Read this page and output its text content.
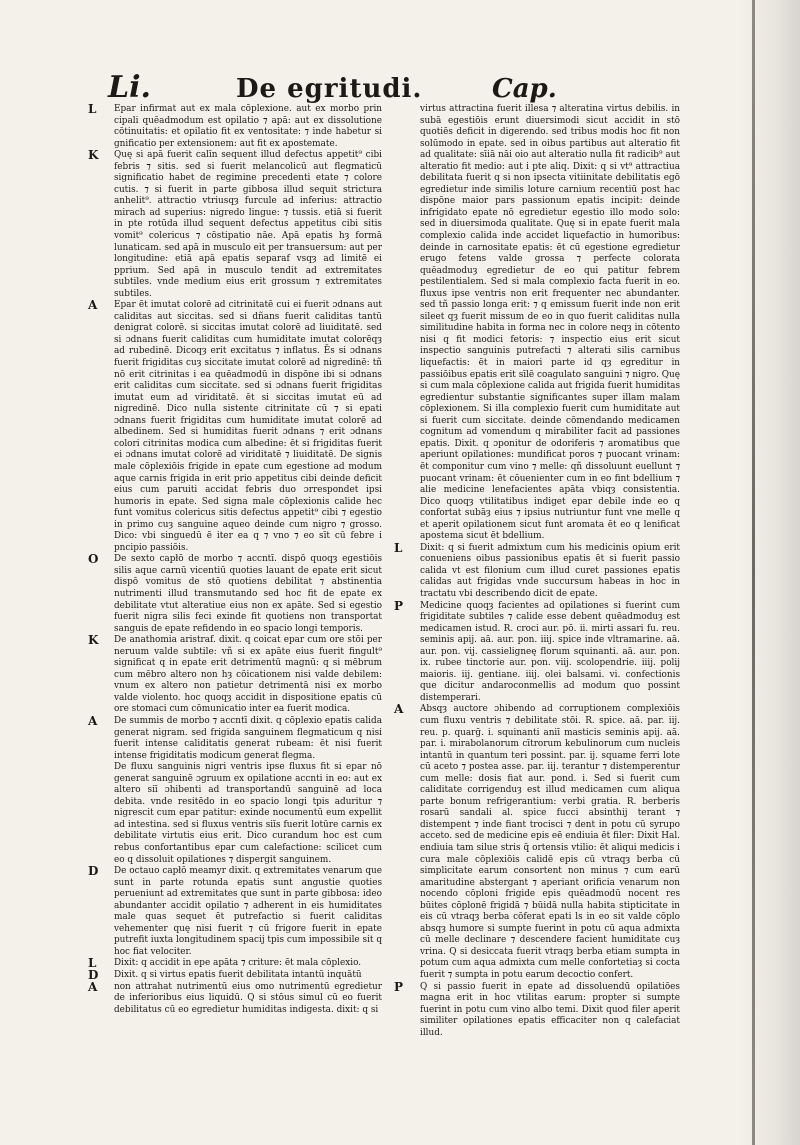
Li.	De egritudi.	Cap.
L Epar infirmat aut ex mala cōplexione. aut ex morbo prin cipali quēadmodum est opilatio ⁊ apā: aut ex dissolutione cōtinuitatis: et opilatio fit ex ventositate: ⁊ inde habetur si gnificatio per extensionem: aut fit ex apostemate.
K Quę si apā fuerit calīn sequent illud defectus appetit⁹ cibi febris ⁊ sitis. sed si fuerit melancolicū aut flegmaticū significatio habet de regimine precedenti etate ⁊ colore cutis. ⁊ si fuerit in parte gibbosa illud sequit strictura anhelit⁹. attractio vtriusqȝ furcule ad inferius: attractio mirach ad superius: nigredo lingue: ⁊ tussis. etiā si fuerit in pte rotūda illud sequent defectus appetitus cibi sitis vomit⁹ colericus ⁊ cōstipatio nāe. Apā epatis hȝ formā lunaticam. sed apā in musculo eit per transuersum: aut per longitudine: etiā apā epatis separaf vsqȝ ad limitē ei pprium. Sed apā in musculo tendit ad extremitates subtiles. vnde medium eius erit grossum ⁊ extremitates subtiles.
A Epar ēt imutat colorē ad citrinitatē cui ei fuerit ɔdnans aut caliditas aut siccitas. sed si dñans fuerit caliditas tantū denigrat colorē. si siccitas imutat colorē ad liuiditatē. sed si ɔdnans fuerit caliditas cum humiditate imutat colorēqȝ ad rubedinē. Dicoqȝ erit excitatus ⁊ inflatus. Ēs si ɔdnans fuerit frigiditas cuȝ siccitate imutat colorē ad nigredinē: tñ nō erit citrinitas i ea quēadmodū in dispōne ibi si ɔdnans erit caliditas cum siccitate. sed si ɔdnans fuerit frigiditas imutat eum ad viriditatē. ēt si siccitas imutat eū ad nigredinē. Dico nulla sistente citrinitate cū ⁊ si epati ɔdnans fuerit frigiditas cum humiditate imutat colorē ad albedinem. Sed si humiditas fuerit ɔdnans ⁊ erit ɔdnans colori citrinitas modica cum albedine: ēt si frigiditas fuerit ei ɔdnans imutat colorē ad viriditatē ⁊ liuiditatē. De signis male cōplexiōis frigide in epate cum egestione ad modum aque carnis frigida in erit prio appetitus cibi deinde deficit eius cum paruiti accidat febris duo ɔrrespondet ipsi humoris in epate. Sed signa male cōplexionis calide hec funt vomitus colericus sitis defectus appetit⁹ cibi ⁊ egestio in primo cuȝ sanguine aqueo deinde cum nigro ⁊ grosso. Dico: vbi singuedū ē iter ea q ⁊ vno ⁊ eo sīt cū febre i pncipio passiōis.
O De sexto capłō de morbo ⁊ accntī. dispō quoqȝ egestiōis silis aque carnū vicentiū quoties lauant de epate erit sicut dispō vomitus de stō quotiens debilitat ⁊ abstinentia nutrimenti illud transmutando sed hoc fit de epate ex debilitate vtut alteratiue eius non ex apāte. Sed si egestio fuerit nigra silis feci exinde fit quotiens non transportat sanguis de epate refidendo in eo spacio longi temporis.
K De anathomia aristraf. dixit. q coicat epar cum ore stōi per neruum valde subtile: vñ si ex apāte eius fuerit fingult⁹ significat q in epate erit detrimentū magnū: q si mēbrum cum mēbro altero non hȝ cōicationem nisi valde debilem: vnum ex altero non patietur detrimentā nisi ex morbo valde violento. hoc quoqȝ accidit in dispositione epatis cū ore stomaci cum cōmunicatio inter ea fuerit modica.
A De summis de morbo ⁊ accntī dixit. q cōplexio epatis calida generat nigram. sed frigida sanguinem flegmaticum q nisi fuerit intense caliditatis generat rubeam: ēt nisi fuerit intense frigiditatis modicum generat flegma.
De fluxu sanguinis nigri ventris ipse fluxus fit si epar nō generat sanguinē ɔgruum ex opilatione accnti in eo: aut ex altero siī ɔhibenti ad transportandū sanguinē ad loca debita. vnde resitēdo in eo spacio longi tpis aduritur ⁊ nigrescit cum epar patitur: exinde nocumentū eum expellit ad intestina. sed si fluxus ventris siīs fuerit lotūre carnis ex debilitate virtutis eius erit. Dico curandum hoc est cum rebus confortantibus epar cum calefactione: scilicet cum eo q dissoluit opilationes ⁊ dispergit sanguinem.
D De octauo capłō meamyr dixit. q extremitates venarum que sunt in parte rotunda epatis sunt angustie quoties perueniunt ad extremitates que sunt in parte gibbosa: ideo abundanter accidit opilatio ⁊ adherent in eis humiditates male quas sequet ēt putrefactio si fuerit caliditas vehementer quę nisi fuerit ⁊ cū frigore fuerit in epate putrefit iuxta longitudinem spacij tpis cum impossibile sit q hoc fiat velociter.
L Dixit: q accidit in epe apāta ⁊ criture: ēt mala cōplexio.
D Dixit. q si virtus epatis fuerit debilitata intantū inquātū
A non attrahat nutrimentū eius omo nutrimentū egredietur de inferioribus eius liquidū. Q si stōus simul cū eo fuerit debilitatus cū eo egredietur humiditas indigesta. dixit: q si
virtus attractina fuerit illesa ⁊ alteratina virtus debilis. in subā egestiōis erunt diuersimodi sicut accidit in stō quotiēs deficit in digerendo. sed tribus modis hoc fit non solūmodo in epate. sed in oibus partibus aut alteratio fit ad qualitate: sīiā nāi oio aut alteratio nulla fit radicib⁹ aut alteratio fit medio: aut i pte aliq. Dixit: q si vt⁹ attractiua debilitata fuerit q si non ipsecta vitiinitate debilitatis egō egredietur inde similis loture carnium recentiū post hac dispōne maior pars passionum epatis incipit: deinde infrigidato epate nō egredietur egestio illo modo solo: sed in diuersimoda qualitate. Quę si in epate fuerit mala complexio calida inde accidet liquefactio in humoribus: deinde in carnositate epatis: ēt cū egestione egredietur erugo fetens valde grossa ⁊ perfecte colorata quēadmoduȝ egredietur de eo qui patitur febrem pestilentialem. Sed si mala complexio facta fuerit in eo. fluxus ipse ventris non erit frequenter nec abundanter. sed tñ passio longa erit: ⁊ q emissum fuerit inde non erit sileet qȝ fuerit missum de eo in quo fuerit caliditas nulla similitudine habita in forma nec in colore neqȝ in cōtento nisi q fit modici fetoris: ⁊ inspectio eius erit sicut inspectio sanguinis putrefacti ⁊ alterati silis carnibus liquefactis: ēt in maiori parte id qȝ egreditur in passiōibus epatis erit sīlē coagulato sanguini ⁊ nigro. Quę si cum mala cōplexione calida aut frigida fuerit humiditas egredientur substantie significantes super illam malam cōplexionem. Si illa complexio fuerit cum humiditate aut si fuerit cum siccitate. deinde cōmendando medicamen cognitum ad vomendum q mirabiliter facit ad passiones epatis. Dixit. q ɔponitur de odoriferis ⁊ aromatibus que aperiunt opilationes: mundificat poros ⁊ puocant vrinam: ēt componitur cum vino ⁊ melle: qñ dissoluunt euellunt ⁊ puocant vrinam: ēt cōuenienter cum in eo fint bdellium ⁊ alie medicine lenefacientes apāta vbiqȝ consistentia. Dico quoqȝ vtilitatibus indiget epar debile inde eo q confortat subāȝ eius ⁊ ipsius nutriuntur funt vne melle q et aperit opilationem sicut funt aromata ēt eo q lenificat apostema sicut ēt bdellium.
L Dixit: q si fuerit admixtum cum his medicinis opium erit conueniens oibus passionibus epatis ēt si fuerit passio calida vt est filonium cum illud curet passiones epatis calidas aut frigidas vnde succursum habeas in hoc in tractatu vbi describendo dicit de epate.
P Medicine quoqȝ facientes ad opilationes si fuerint cum frigiditate subtiles ⁊ calide esse debent quēadmoduȝ est medicamen istud. R. croci aur. pō. ii. mirti assari fu. reu. seminis apij. aā. aur. pon. iiij. spice inde vltramarine. aā. aur. pon. vij. cassieligneę florum squinanti. aā. aur. pon. ix. rubee tinctorie aur. pon. viij. scolopendrie. iiij. polij maioris. iij. gentiane. iiij. olei balsami. vi. confectionis que dicitur andaroconmellis ad modum quo possint distemperari.
A Absqȝ auctore ɔhibendo ad corruptionem complexiōis cum fluxu ventris ⁊ debilitate stōi. R. spice. aā. par. iij. reu. p. quarḡ. i. squinanti aniī masticis seminis apij. aā. par. i. mirabolanorum cītrorum kebulinorum cum nucleis intantū in quantum teri possint. par. ij. squame ferri lote cū aceto ⁊ postea asse. par. iij. terantur ⁊ distemperentur cum melle: dosis fiat aur. pond. i. Sed si fuerit cum caliditate corrigenduȝ est illud medicamen cum aliqua parte bonum refrigerantium: verbi gratia. R. berberis rosarū sandali al. spice fucci absinthij terant ⁊ distempent ⁊ inde fiant trocisci ⁊ dent in potu cū syrupo acceto. sed de medicine epis eē endiuia ēt filer: Dixit Hal. endiuia tam silue stris q̄ ortensis vtilio: ēt aliqui medicis i cura male cōplexiōis calidē epis cū vtraqȝ berba cū simplicitate earum consortent non minus ⁊ cum earū amaritudine abstergant ⁊ aperiant orificia venarum non nocendo cōploni frigide epis quēadmodū nocent res būites cōplonē frigidā ⁊ būidā nulla habita stipticitate in eis cū vtraqȝ berba cōferat epati ls in eo sit valde cōplo absqȝ humore si sumpte fuerint in potu cū aqua admixta cū melle declinare ⁊ descendere facient humiditate cuȝ vrina. Q si desiccata fuerit vtraqȝ berba etiam sumpta in potum cum aqua admixta cum melle confortetiaȝ si cocta fuerit ⁊ sumpta in potu earum decoctio confert.
P Q si passio fuerit in epate ad dissoluendū opilatiōes magna erit in hoc vtilitas earum: propter si sumpte fuerint in potu cum vino albo temi. Dixit quod filer aperit similiter opilationes epatis efficaciter non q calefaciat illud.
